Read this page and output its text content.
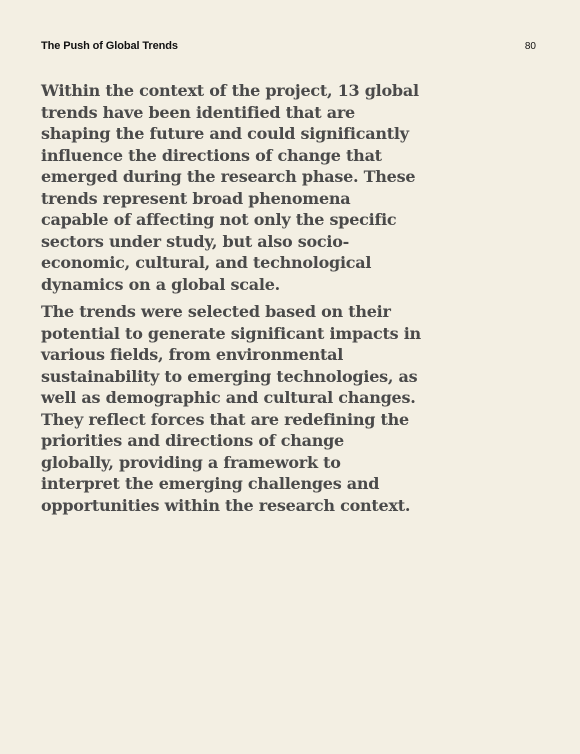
The Push of Global Trends	80

Within the context of the project, 13 global trends have been identified that are shaping the future and could significantly influence the directions of change that emerged during the research phase. These trends represent broad phenomena capable of affecting not only the specific sectors under study, but also socio-economic, cultural, and technological dynamics on a global scale.

The trends were selected based on their potential to generate significant impacts in various fields, from environmental sustainability to emerging technologies, as well as demographic and cultural changes. They reflect forces that are redefining the priorities and directions of change globally, providing a framework to interpret the emerging challenges and opportunities within the research context.
